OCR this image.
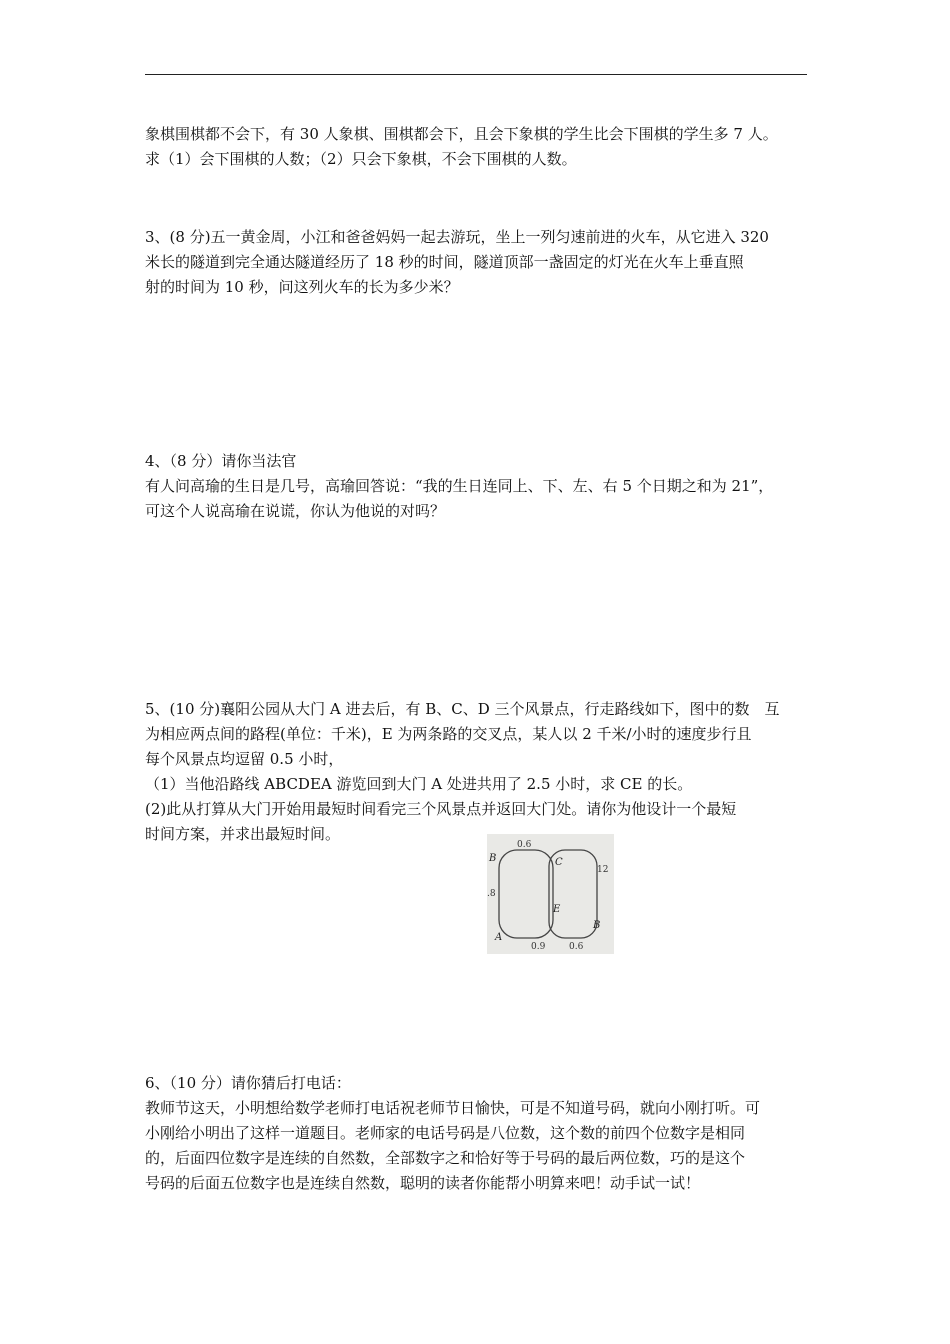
象棋围棋都不会下，有 30 人象棋、围棋都会下，且会下象棋的学生比会下围棋的学生多 7 人。
求（1）会下围棋的人数；（2）只会下象棋，不会下围棋的人数。

3、(8 分)五一黄金周，小江和爸爸妈妈一起去游玩，坐上一列匀速前进的火车，从它进入 320
米长的隧道到完全通达隧道经历了 18 秒的时间，隧道顶部一盏固定的灯光在火车上垂直照
射的时间为 10 秒，问这列火车的长为多少米？

4、（8 分）请你当法官
有人问高瑜的生日是几号，高瑜回答说：“我的生日连同上、下、左、右 5 个日期之和为 21”，
可这个人说高瑜在说谎，你认为他说的对吗？

5、(10 分)襄阳公园从大门 A 进去后，有 B、C、D 三个风景点，行走路线如下，图中的数　互
为相应两点间的路程(单位：千米)，E 为两条路的交叉点，某人以 2 千米/小时的速度步行且
每个风景点均逗留 0.5 小时，
（1）当他沿路线 ABCDEA 游览回到大门 A 处进共用了 2.5 小时，求 CE 的长。
(2)此从打算从大门开始用最短时间看完三个风景点并返回大门处。请你为他设计一个最短
时间方案，并求出最短时间。

0.6
.8
12
0.9	0.6
B	C
E
B
A

6、（10 分）请你猜后打电话：
教师节这天，小明想给数学老师打电话祝老师节日愉快，可是不知道号码，就向小刚打听。可
小刚给小明出了这样一道题目。老师家的电话号码是八位数，这个数的前四个位数字是相同
的，后面四位数字是连续的自然数，全部数字之和恰好等于号码的最后两位数，巧的是这个
号码的后面五位数字也是连续自然数，聪明的读者你能帮小明算来吧！动手试一试！
